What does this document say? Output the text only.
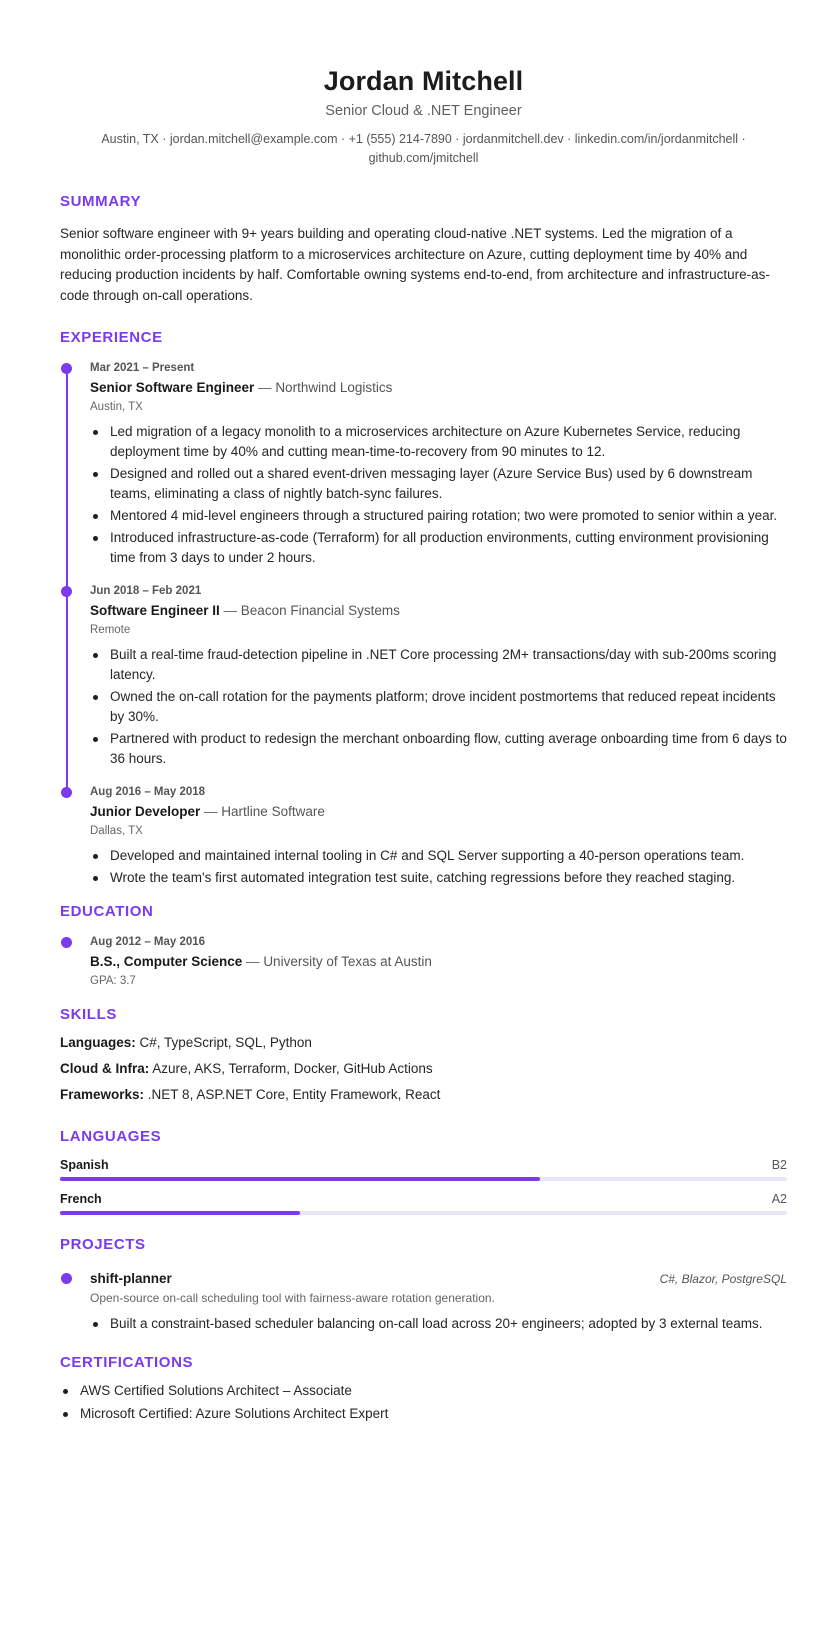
Jordan Mitchell
Senior Cloud & .NET Engineer
Austin, TX · jordan.mitchell@example.com · +1 (555) 214-7890 · jordanmitchell.dev · linkedin.com/in/jordanmitchell · github.com/jmitchell
SUMMARY
Senior software engineer with 9+ years building and operating cloud-native .NET systems. Led the migration of a monolithic order-processing platform to a microservices architecture on Azure, cutting deployment time by 40% and reducing production incidents by half. Comfortable owning systems end-to-end, from architecture and infrastructure-as-code through on-call operations.
EXPERIENCE
Mar 2021 – Present
Senior Software Engineer — Northwind Logistics
Austin, TX
Led migration of a legacy monolith to a microservices architecture on Azure Kubernetes Service, reducing deployment time by 40% and cutting mean-time-to-recovery from 90 minutes to 12.
Designed and rolled out a shared event-driven messaging layer (Azure Service Bus) used by 6 downstream teams, eliminating a class of nightly batch-sync failures.
Mentored 4 mid-level engineers through a structured pairing rotation; two were promoted to senior within a year.
Introduced infrastructure-as-code (Terraform) for all production environments, cutting environment provisioning time from 3 days to under 2 hours.
Jun 2018 – Feb 2021
Software Engineer II — Beacon Financial Systems
Remote
Built a real-time fraud-detection pipeline in .NET Core processing 2M+ transactions/day with sub-200ms scoring latency.
Owned the on-call rotation for the payments platform; drove incident postmortems that reduced repeat incidents by 30%.
Partnered with product to redesign the merchant onboarding flow, cutting average onboarding time from 6 days to 36 hours.
Aug 2016 – May 2018
Junior Developer — Hartline Software
Dallas, TX
Developed and maintained internal tooling in C# and SQL Server supporting a 40-person operations team.
Wrote the team's first automated integration test suite, catching regressions before they reached staging.
EDUCATION
Aug 2012 – May 2016
B.S., Computer Science — University of Texas at Austin
GPA: 3.7
SKILLS
Languages: C#, TypeScript, SQL, Python
Cloud & Infra: Azure, AKS, Terraform, Docker, GitHub Actions
Frameworks: .NET 8, ASP.NET Core, Entity Framework, React
LANGUAGES
Spanish	B2
French	A2
PROJECTS
shift-planner	C#, Blazor, PostgreSQL
Open-source on-call scheduling tool with fairness-aware rotation generation.
Built a constraint-based scheduler balancing on-call load across 20+ engineers; adopted by 3 external teams.
CERTIFICATIONS
AWS Certified Solutions Architect – Associate
Microsoft Certified: Azure Solutions Architect Expert
